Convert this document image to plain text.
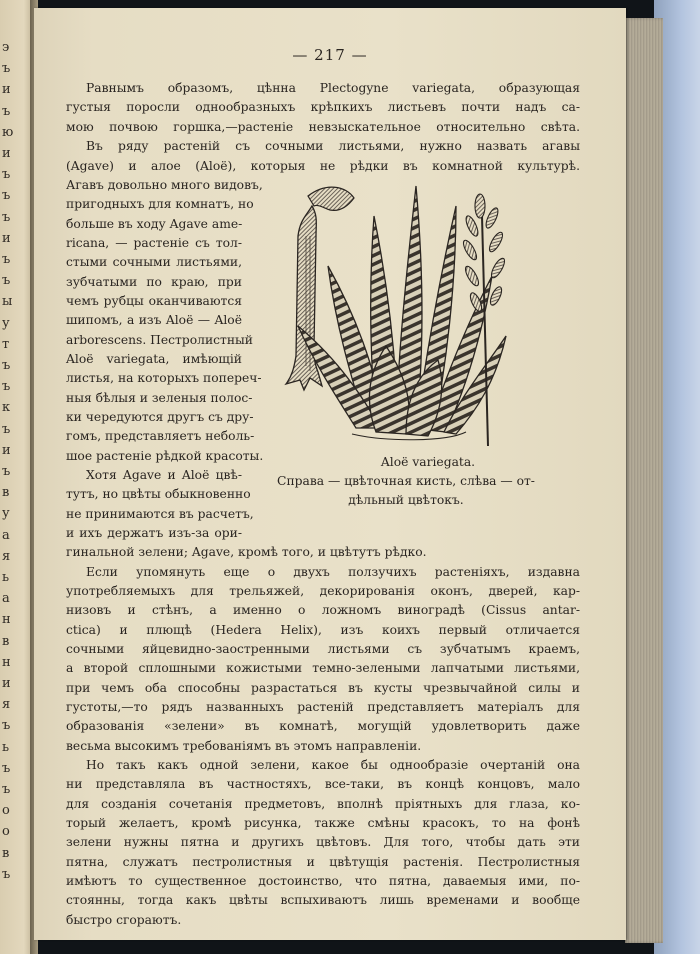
э
ъ
и
ъ
ю
и
ъ
ъ
ъ
и
ъ
ъ
ы
у
т
ъ
ъ
к
ъ
и
ъ
в
у
а
я
ь
а
н
в
н
и
я
ъ
ь
ъ
ъ
о
о
в
ъ
— 217 —
Равнымъ образомъ, цѣнна Plectogyne variegata, образующая
густыя поросли однообразныхъ крѣпкихъ листьевъ почти надъ са-
мою почвою горшка,—растеніе невзыскательное относительно свѣта.
Въ ряду растеній съ сочными листьями, нужно назвать агавы
(Agave) и алое (Aloë), которыя не рѣдки въ комнатной культурѣ.
Агавъ довольно много видовъ,
пригодныхъ для комнатъ, но
больше въ ходу Agave ame-
ricana, — растеніе съ тол-
стыми сочными листьями,
зубчатыми по краю, при
чемъ рубцы оканчиваются
шипомъ, а изъ Aloë — Aloë
arborescens. Пестролистный
Aloë variegata, имѣющій
листья, на которыхъ попереч-
ныя бѣлыя и зеленыя полос-
ки чередуются другъ съ дру-
гомъ, представляетъ неболь-
шое растеніе рѣдкой красоты.
Хотя Agave и Aloë цвѣ-
тутъ, но цвѣты обыкновенно
не принимаются въ расчетъ,
и ихъ держатъ изъ-за ори-
гинальной зелени; Agave, кромѣ того, и цвѣтутъ рѣдко.
Если упомянуть еще о двухъ ползучихъ растеніяхъ, издавна
употребляемыхъ для трельяжей, декорированія оконъ, дверей, кар-
низовъ и стѣнъ, а именно о ложномъ виноградѣ (Cissus antar-
ctica) и плющѣ (Hedera Helix), изъ коихъ первый отличается
сочными яйцевидно-заостренными листьями съ зубчатымъ краемъ,
а второй сплошными кожистыми темно-зелеными лапчатыми листьями,
при чемъ оба способны разрастаться въ кусты чрезвычайной силы и
густоты,—то рядъ названныхъ растеній представляетъ матеріалъ для
образованія «зелени» въ комнатѣ, могущій удовлетворить даже
весьма высокимъ требованіямъ въ этомъ направленіи.
Но такъ какъ одной зелени, какое бы однообразіе очертаній она
ни представляла въ частностяхъ, все-таки, въ концѣ концовъ, мало
для созданія сочетанія предметовъ, вполнѣ пріятныхъ для глаза, ко-
торый желаетъ, кромѣ рисунка, также смѣны красокъ, то на фонѣ
зелени нужны пятна и другихъ цвѣтовъ. Для того, чтобы дать эти
пятна, служатъ пестролистныя и цвѣтущія растенія. Пестролистныя
имѣютъ то существенное достоинство, что пятна, даваемыя ими, по-
стоянны, тогда какъ цвѣты вспыхиваютъ лишь временами и вообще
быстро сгораютъ.
Aloë variegata.
Справа — цвѣточная кисть, слѣва — от-
дѣльный цвѣтокъ.
